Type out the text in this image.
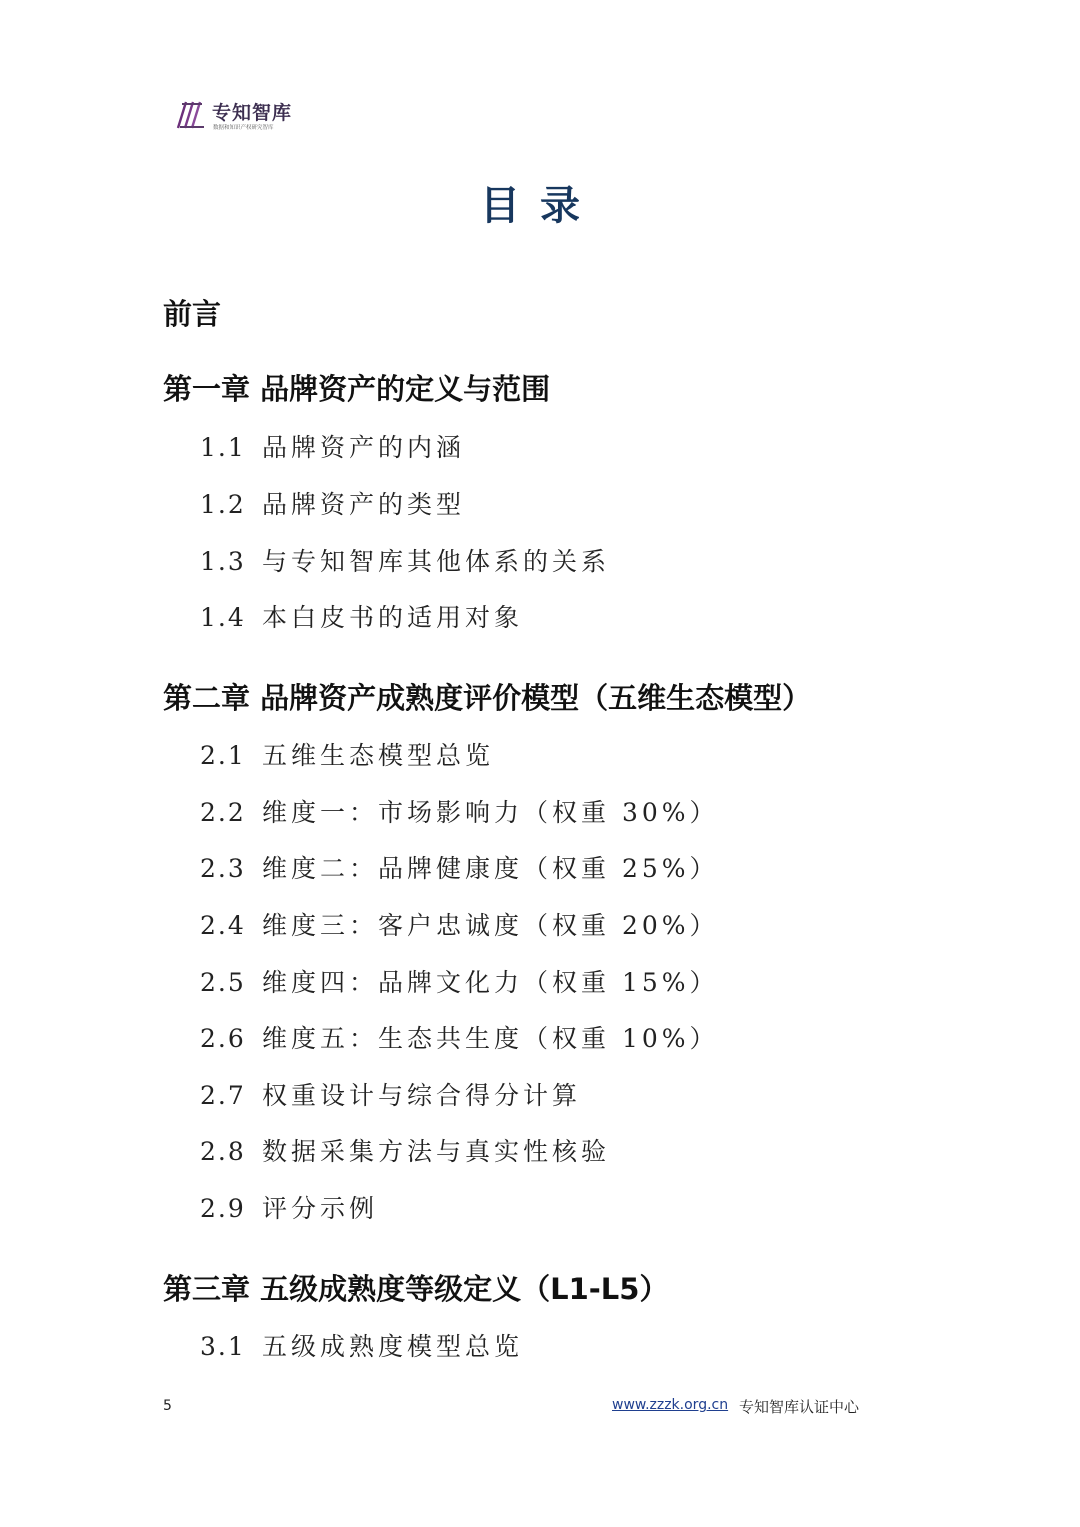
专知智库
数据和知识产权研究智库
目录
前言
第一章 品牌资产的定义与范围
1.1 品牌资产的内涵
1.2 品牌资产的类型
1.3 与专知智库其他体系的关系
1.4 本白皮书的适用对象
第二章 品牌资产成熟度评价模型（五维生态模型）
2.1 五维生态模型总览
2.2 维度一：市场影响力（权重 30%）
2.3 维度二：品牌健康度（权重 25%）
2.4 维度三：客户忠诚度（权重 20%）
2.5 维度四：品牌文化力（权重 15%）
2.6 维度五：生态共生度（权重 10%）
2.7 权重设计与综合得分计算
2.8 数据采集方法与真实性核验
2.9 评分示例
第三章 五级成熟度等级定义（L1-L5）
3.1 五级成熟度模型总览
5	www.zzzk.org.cn 专知智库认证中心
